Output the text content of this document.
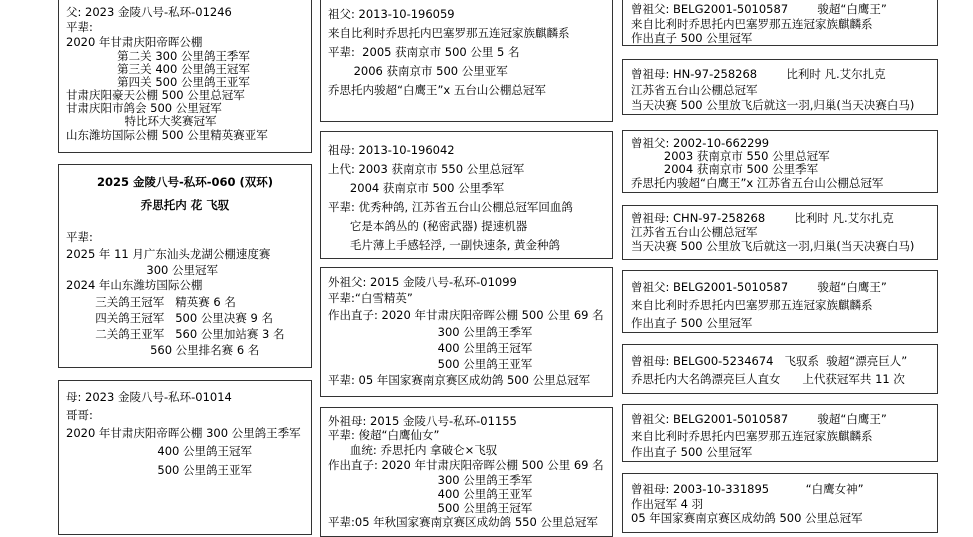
父: 2023 金陵八号-私环-01246
平辈:
2020 年甘肃庆阳帝晖公棚
第二关 300 公里鸽王季军
第三关 400 公里鸽王冠军
第四关 500 公里鸽王亚军
甘肃庆阳豪天公棚 500 公里总冠军
甘肃庆阳市鸽会 500 公里冠军
特比环大奖赛冠军
山东潍坊国际公棚 500 公里精英赛亚军
2025 金陵八号-私环-060 (双环)
乔思托内 花 飞驭
平辈:
2025 年 11 月广东汕头龙湖公棚速度赛
300 公里冠军
2024 年山东潍坊国际公棚
三关鸽王冠军   精英赛 6 名
四关鸽王冠军   500 公里决赛 9 名
二关鸽王亚军   560 公里加站赛 3 名
560 公里排名赛 6 名
母: 2023 金陵八号-私环-01014
哥哥:
2020 年甘肃庆阳帝晖公棚 300 公里鸽王季军
400 公里鸽王冠军
500 公里鸽王亚军
祖父: 2013-10-196059
来自比利时乔思托内巴塞罗那五连冠家族麒麟系
平辈:  2005 获南京市 500 公里 5 名
2006 获南京市 500 公里亚军
乔思托内骏超“白鹰王”x 五台山公棚总冠军
祖母: 2013-10-196042
上代: 2003 获南京市 550 公里总冠军
2004 获南京市 500 公里季军
平辈: 优秀种鸽, 江苏省五台山公棚总冠军回血鸽
它是本鸽丛的 (秘密武器) 提速机器
毛片薄上手感轻浮, 一副快速条, 黄金种鸽
外祖父: 2015 金陵八号-私环-01099
平辈:“白雪精英”
作出直子: 2020 年甘肃庆阳帝晖公棚 500 公里 69 名
300 公里鸽王季军
400 公里鸽王冠军
500 公里鸽王亚军
平辈: 05 年国家赛南京赛区成幼鸽 500 公里总冠军
外祖母: 2015 金陵八号-私环-01155
平辈: 俊超“白鹰仙女”
血统: 乔思托内 拿破仑×飞驭
作出直子: 2020 年甘肃庆阳帝晖公棚 500 公里 69 名
300 公里鸽王季军
400 公里鸽王亚军
500 公里鸽王冠军
平辈:05 年秋国家赛南京赛区成幼鸽 550 公里总冠军
曾祖父: BELG2001-5010587        骏超“白鹰王”
来自比利时乔思托内巴塞罗那五连冠家族麒麟系
作出直子 500 公里冠军
曾祖母: HN-97-258268        比利时 凡.艾尔扎克
江苏省五台山公棚总冠军
当天决赛 500 公里放飞后就这一羽,归巢(当天决赛白马)
曾祖父: 2002-10-662299
2003 获南京市 550 公里总冠军
2004 获南京市 500 公里季军
乔思托内骏超“白鹰王”x 江苏省五台山公棚总冠军
曾祖母: CHN-97-258268        比利时 凡.艾尔扎克
江苏省五台山公棚总冠军
当天决赛 500 公里放飞后就这一羽,归巢(当天决赛白马)
曾祖父: BELG2001-5010587        骏超“白鹰王”
来自比利时乔思托内巴塞罗那五连冠家族麒麟系
作出直子 500 公里冠军
曾祖母: BELG00-5234674   飞驭系  骏超“漂亮巨人”
乔思托内大名鸽漂亮巨人直女      上代获冠军共 11 次
曾祖父: BELG2001-5010587        骏超“白鹰王”
来自比利时乔思托内巴塞罗那五连冠家族麒麟系
作出直子 500 公里冠军
曾祖母: 2003-10-331895          “白鹰女神”
作出冠军 4 羽
05 年国家赛南京赛区成幼鸽 500 公里总冠军
